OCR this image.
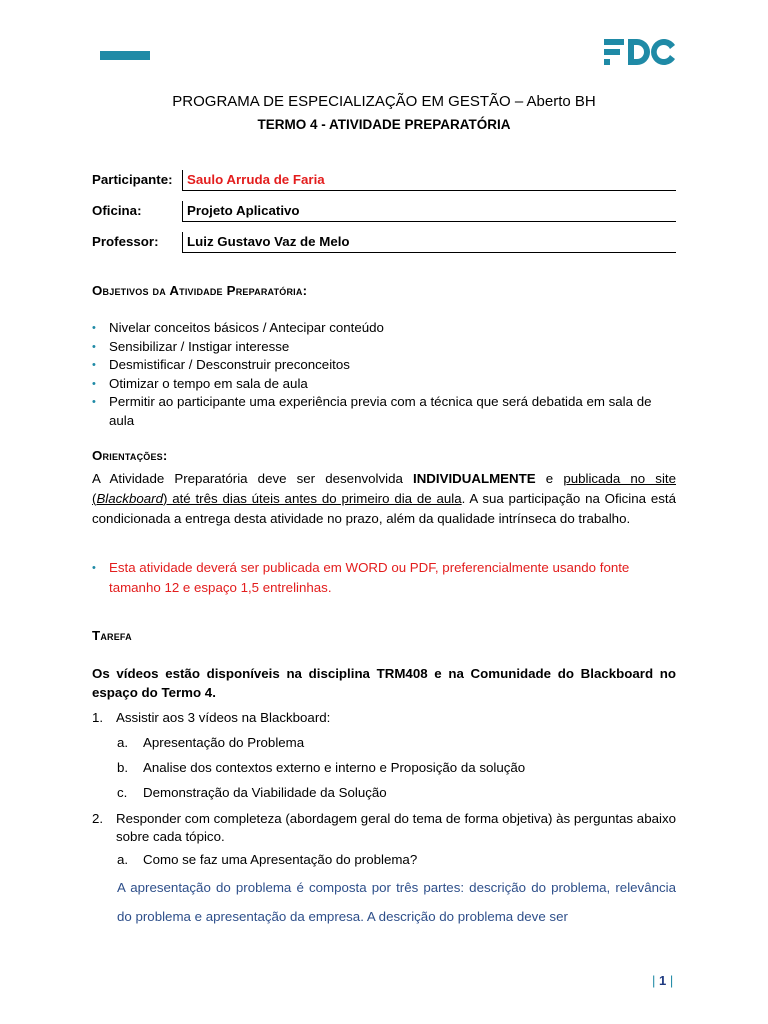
PROGRAMA DE ESPECIALIZAÇÃO EM GESTÃO – Aberto BH
TERMO 4 - ATIVIDADE PREPARATÓRIA
Participante:	Saulo Arruda de Faria
Oficina:	Projeto Aplicativo
Professor:	Luiz Gustavo Vaz de Melo
Objetivos da Atividade Preparatória:
• Nivelar conceitos básicos / Antecipar conteúdo
• Sensibilizar / Instigar interesse
• Desmistificar / Desconstruir preconceitos
• Otimizar o tempo em sala de aula
• Permitir ao participante uma experiência previa com a técnica que será debatida em sala de aula
Orientações:
A Atividade Preparatória deve ser desenvolvida INDIVIDUALMENTE e publicada no site (Blackboard) até três dias úteis antes do primeiro dia de aula. A sua participação na Oficina está condicionada a entrega desta atividade no prazo, além da qualidade intrínseca do trabalho.
• Esta atividade deverá ser publicada em WORD ou PDF, preferencialmente usando fonte tamanho 12 e espaço 1,5 entrelinhas.
Tarefa
Os vídeos estão disponíveis na disciplina TRM408 e na Comunidade do Blackboard no espaço do Termo 4.
1. Assistir aos 3 vídeos na Blackboard:
a. Apresentação do Problema
b. Analise dos contextos externo e interno e Proposição da solução
c. Demonstração da Viabilidade da Solução
2. Responder com completeza (abordagem geral do tema de forma objetiva) às perguntas abaixo sobre cada tópico.
a. Como se faz uma Apresentação do problema?
A apresentação do problema é composta por três partes: descrição do problema, relevância do problema e apresentação da empresa. A descrição do problema deve ser
| 1 |
